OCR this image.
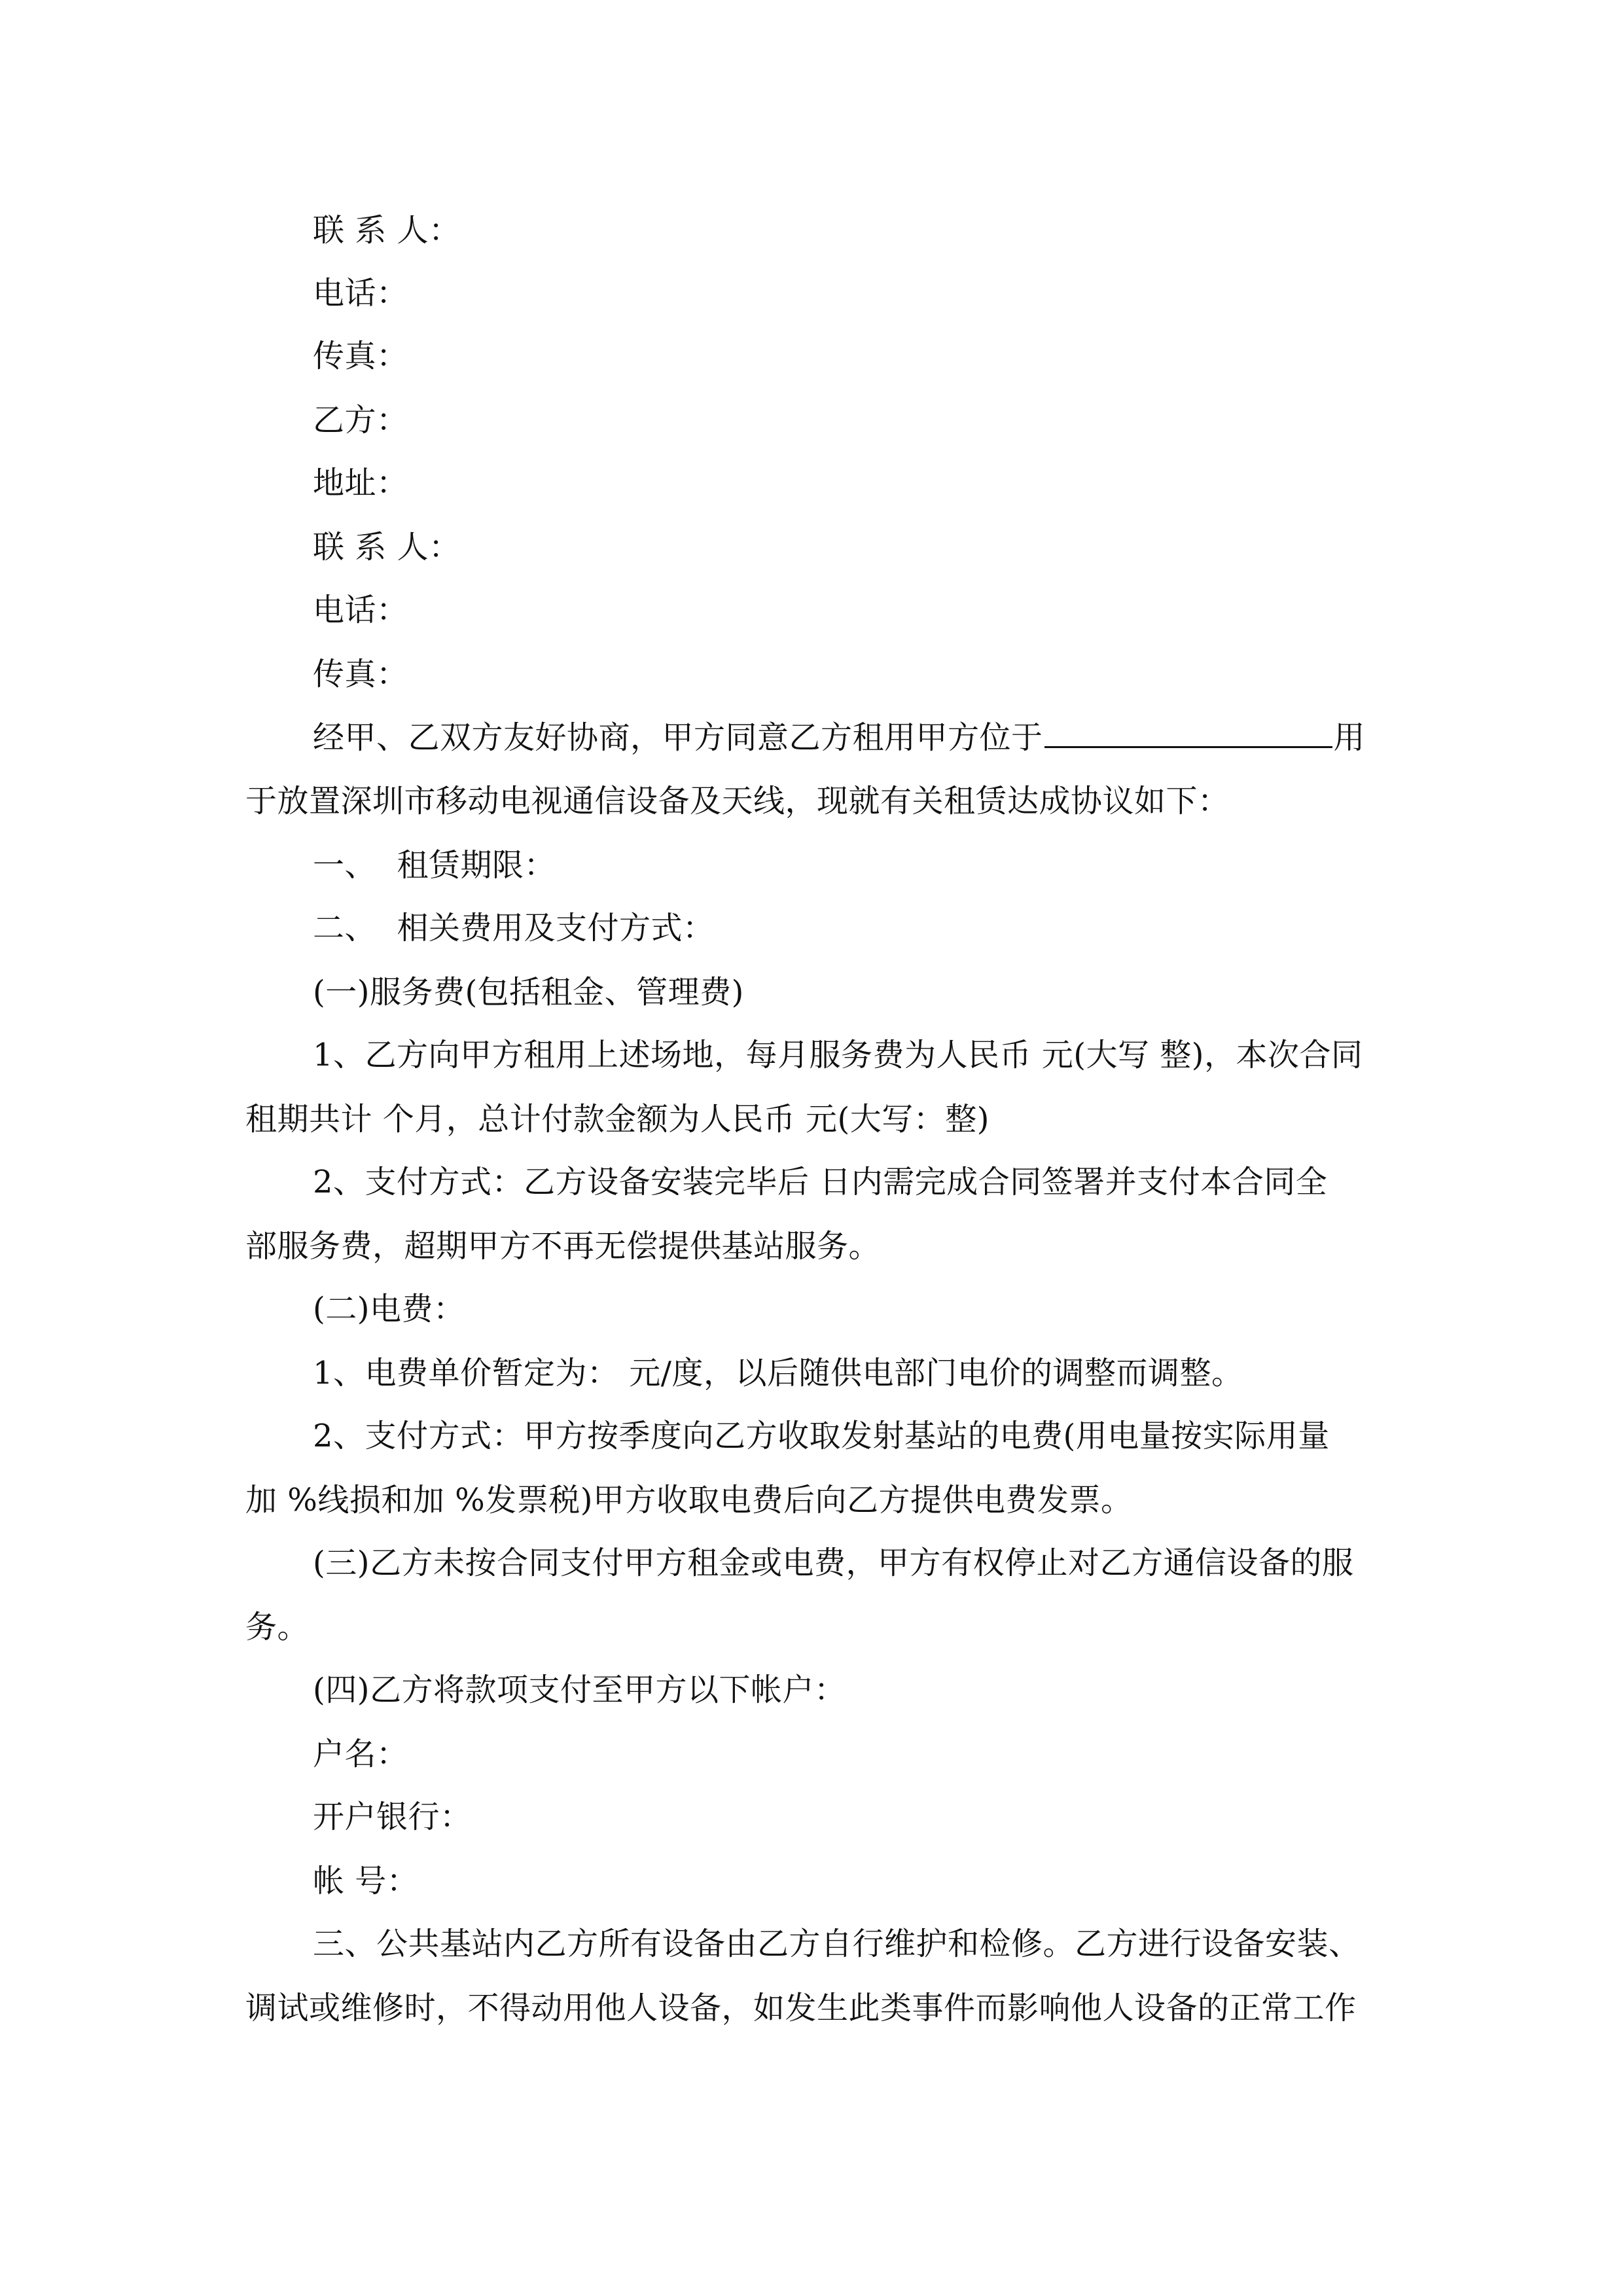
联 系 人：
电话：
传真：
乙方：
地址：
联 系 人：
电话：
传真：
经甲、乙双方友好协商，甲方同意乙方租用甲方位于	用
于放置深圳市移动电视通信设备及天线，现就有关租赁达成协议如下：
一、  租赁期限：
二、  相关费用及支付方式：
(一)服务费(包括租金、管理费)
1、乙方向甲方租用上述场地，每月服务费为人民币 元(大写 整)，本次合同
租期共计 个月，总计付款金额为人民币 元(大写：整)
2、支付方式：乙方设备安装完毕后 日内需完成合同签署并支付本合同全
部服务费，超期甲方不再无偿提供基站服务。
(二)电费：
1、电费单价暂定为： 元/度，以后随供电部门电价的调整而调整。
2、支付方式：甲方按季度向乙方收取发射基站的电费(用电量按实际用量
加 %线损和加 %发票税)甲方收取电费后向乙方提供电费发票。
(三)乙方未按合同支付甲方租金或电费，甲方有权停止对乙方通信设备的服
务。
(四)乙方将款项支付至甲方以下帐户：
户名：
开户银行：
帐 号：
三、公共基站内乙方所有设备由乙方自行维护和检修。乙方进行设备安装、
调试或维修时，不得动用他人设备，如发生此类事件而影响他人设备的正常工作
